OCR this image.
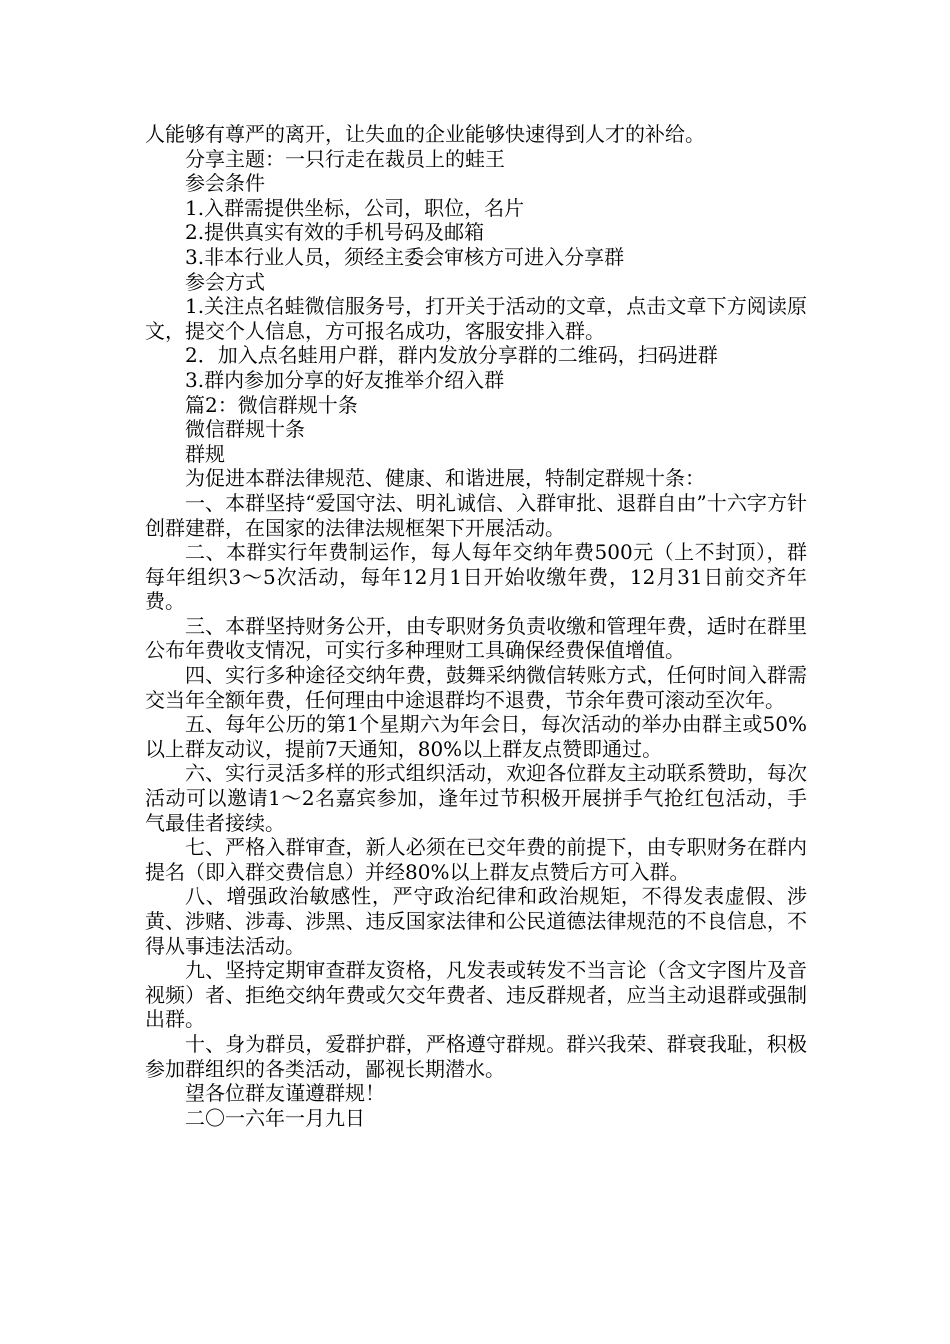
人能够有尊严的离开，让失血的企业能够快速得到人才的补给。

分享主题：一只行走在裁员上的蛙王

参会条件

1.入群需提供坐标，公司，职位，名片

2.提供真实有效的手机号码及邮箱

3.非本行业人员，须经主委会审核方可进入分享群

参会方式

1.关注点名蛙微信服务号，打开关于活动的文章，点击文章下方阅读原文，提交个人信息，方可报名成功，客服安排入群。

2．加入点名蛙用户群，群内发放分享群的二维码，扫码进群

3.群内参加分享的好友推举介绍入群

篇2：微信群规十条

微信群规十条

群规

为促进本群法律规范、健康、和谐进展，特制定群规十条：

一、本群坚持“爱国守法、明礼诚信、入群审批、退群自由”十六字方针创群建群，在国家的法律法规框架下开展活动。

二、本群实行年费制运作，每人每年交纳年费500元（上不封顶），群每年组织3～5次活动，每年12月1日开始收缴年费，12月31日前交齐年费。

三、本群坚持财务公开，由专职财务负责收缴和管理年费，适时在群里公布年费收支情况，可实行多种理财工具确保经费保值增值。

四、实行多种途径交纳年费，鼓舞采纳微信转账方式，任何时间入群需交当年全额年费，任何理由中途退群均不退费，节余年费可滚动至次年。

五、每年公历的第1个星期六为年会日，每次活动的举办由群主或50%以上群友动议，提前7天通知，80%以上群友点赞即通过。

六、实行灵活多样的形式组织活动，欢迎各位群友主动联系赞助，每次活动可以邀请1～2名嘉宾参加，逢年过节积极开展拼手气抢红包活动，手气最佳者接续。

七、严格入群审查，新人必须在已交年费的前提下，由专职财务在群内提名（即入群交费信息）并经80%以上群友点赞后方可入群。

八、增强政治敏感性，严守政治纪律和政治规矩，不得发表虚假、涉黄、涉赌、涉毒、涉黑、违反国家法律和公民道德法律规范的不良信息，不得从事违法活动。

九、坚持定期审查群友资格，凡发表或转发不当言论（含文字图片及音视频）者、拒绝交纳年费或欠交年费者、违反群规者，应当主动退群或强制出群。

十、身为群员，爱群护群，严格遵守群规。群兴我荣、群衰我耻，积极参加群组织的各类活动，鄙视长期潜水。

望各位群友谨遵群规！

二〇一六年一月九日
